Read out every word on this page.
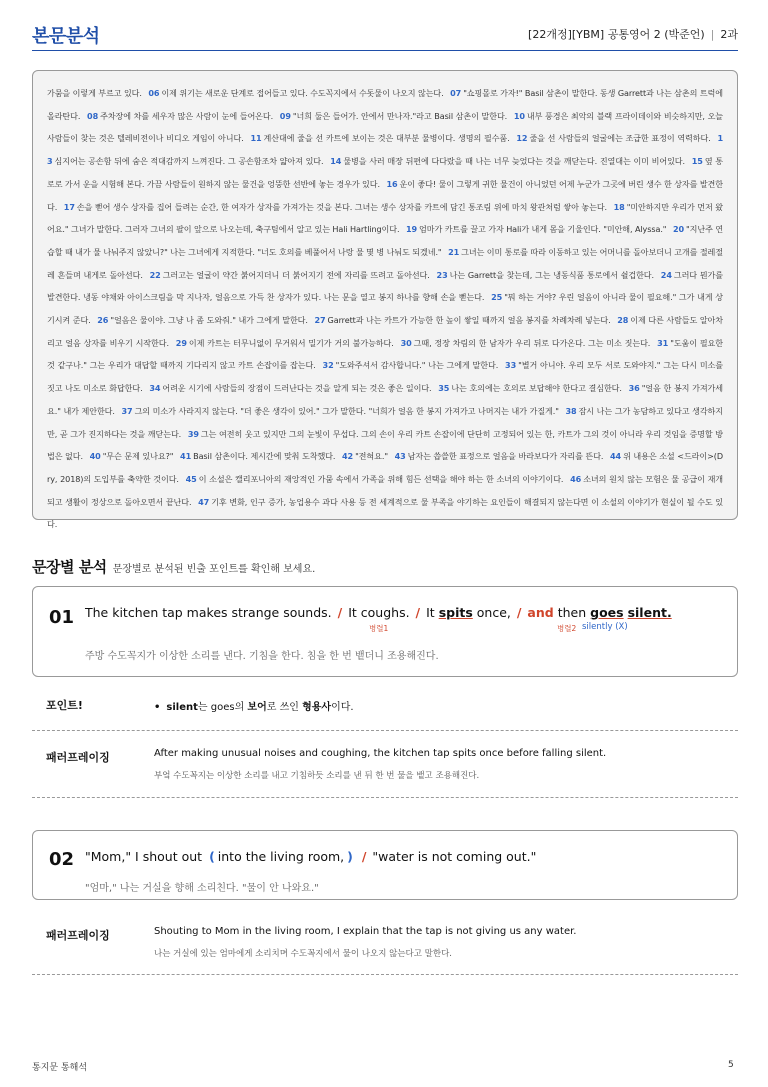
본문분석	[22개정][YBM] 공통영어 2 (박준언) | 2과

가뭄을 이렇게 부르고 있다. 06 이제 위기는 새로운 단계로 접어들고 있다. 수도꼭지에서 수돗물이 나오지 않는다. 07 "쇼핑몰로 가자!" Basil 삼촌이 말한다. 동생 Garrett과 나는 삼촌의 트럭에 올라탄다. 08 주차장에 차를 세우자 많은 사람이 눈에 들어온다. 09 "너희 둘은 들어가. 안에서 만나자."라고 Basil 삼촌이 말한다. 10 내부 풍경은 최악의 블랙 프라이데이와 비슷하지만, 오늘 사람들이 찾는 것은 텔레비전이나 비디오 게임이 아니다. 11 계산대에 줄을 선 카트에 보이는 것은 대부분 물병이다. 생명의 필수품. 12 줄을 선 사람들의 얼굴에는 조급한 표정이 역력하다. 13 심지어는 공손함 뒤에 숨은 적대감까지 느껴진다. 그 공손함조차 얇아져 있다. 14 물병을 사러 매장 뒤편에 다다랐을 때 나는 너무 늦었다는 것을 깨닫는다. 진열대는 이미 비어있다. 15 옆 통로로 가서 운을 시험해 본다. 가끔 사람들이 원하지 않는 물건을 엉뚱한 선반에 놓는 경우가 있다. 16 운이 좋다! 물이 그렇게 귀한 물건이 아니었던 어제 누군가 그곳에 버린 생수 한 상자를 발견한다. 17 손을 뻗어 생수 상자를 집어 들려는 순간, 한 여자가 상자를 가져가는 것을 본다. 그녀는 생수 상자를 카트에 담긴 통조림 위에 마치 왕관처럼 쌓아 놓는다. 18 "미안하지만 우리가 먼저 왔어요." 그녀가 말한다. 그러자 그녀의 팔이 앞으로 나오는데, 축구팀에서 알고 있는 Hali Hartling이다. 19 엄마가 카트를 끌고 가자 Hali가 내게 몸을 기울인다. "미안해, Alyssa." 20 "지난주 연습할 때 내가 물 나눠주지 않았니?" 나는 그녀에게 지적한다. "너도 호의를 베풀어서 나랑 물 몇 병 나눠도 되겠네." 21 그녀는 이미 통로를 따라 이동하고 있는 어머니를 돌아보더니 고개를 절레절레 흔들며 내게로 돌아선다. 22 그러고는 얼굴이 약간 붉어지더니 더 붉어지기 전에 자리를 뜨려고 돌아선다. 23 나는 Garrett을 찾는데, 그는 냉동식품 통로에서 쉴겁한다. 24 그러다 뭔가를 발견한다. 냉동 야채와 아이스크림을 막 지나자, 얼음으로 가득 찬 상자가 있다. 나는 문을 열고 봉지 하나를 향해 손을 뻗는다. 25 "뭐 하는 거야? 우린 얼음이 아니라 물이 필요해." 그가 내게 상기시켜 준다. 26 "얼음은 물이야. 그냥 나 좀 도와줘." 내가 그에게 말한다. 27 Garrett과 나는 카트가 가능한 한 높이 쌓일 때까지 얼음 봉지를 차례차례 넣는다. 28 이제 다른 사람들도 알아차리고 얼음 상자를 비우기 시작한다. 29 이제 카트는 터무니없이 무거워서 밀기가 거의 불가능하다. 30 그때, 정장 차림의 한 남자가 우리 뒤로 다가온다. 그는 미소 짓는다. 31 "도움이 필요한 것 같구나." 그는 우리가 대답할 때까지 기다리지 않고 카트 손잡이를 잡는다. 32 "도와주셔서 감사합니다." 나는 그에게 말한다. 33 "별거 아니야. 우리 모두 서로 도와야지." 그는 다시 미소를 짓고 나도 미소로 화답한다. 34 어려운 시기에 사람들의 장점이 드러난다는 것을 알게 되는 것은 좋은 일이다. 35 나는 호의에는 호의로 보답해야 한다고 결심한다. 36 "얼음 한 봉지 가져가세요." 내가 제안한다. 37 그의 미소가 사라지지 않는다. "더 좋은 생각이 있어." 그가 말한다. "너희가 얼음 한 봉지 가져가고 나머지는 내가 가질게." 38 잠시 나는 그가 농담하고 있다고 생각하지만, 곧 그가 진지하다는 것을 깨닫는다. 39 그는 여전히 웃고 있지만 그의 눈빛이 무섭다. 그의 손이 우리 카트 손잡이에 단단히 고정되어 있는 한, 카트가 그의 것이 아니라 우리 것임을 증명할 방법은 없다. 40 "무슨 문제 있나요?" 41 Basil 삼촌이다. 제시간에 맞춰 도착했다. 42 "전혀요." 43 남자는 씁쓸한 표정으로 얼음을 바라보다가 자리를 뜬다. 44 위 내용은 소설 <드라이>(Dry, 2018)의 도입부를 축약한 것이다. 45 이 소설은 캘리포니아의 재앙적인 가뭄 속에서 가족을 위해 힘든 선택을 해야 하는 한 소녀의 이야기이다. 46 소녀의 원치 않는 모험은 물 공급이 재개되고 생활이 정상으로 돌아오면서 끝난다. 47 기후 변화, 인구 증가, 농업용수 과다 사용 등 전 세계적으로 물 부족을 야기하는 요인들이 해결되지 않는다면 이 소설의 이야기가 현실이 될 수도 있다.

문장별 분석 문장별로 분석된 빈출 포인트를 확인해 보세요.
01 The kitchen tap makes strange sounds. / It coughs. / It spits once, / and then goes silent.
병렬1	병렬2 silently (X)
주방 수도꼭지가 이상한 소리를 낸다. 기침을 한다. 침을 한 번 뱉더니 조용해진다.
포인트!	• silent는 goes의 보어로 쓰인 형용사이다.
패러프레이징	After making unusual noises and coughing, the kitchen tap spits once before falling silent.
부엌 수도꼭지는 이상한 소리를 내고 기침하듯 소리를 낸 뒤 한 번 물을 뱉고 조용해진다.
02 "Mom," I shout out ( into the living room, ) / "water is not coming out."
"엄마," 나는 거실을 향해 소리친다. "물이 안 나와요."
패러프레이징	Shouting to Mom in the living room, I explain that the tap is not giving us any water.
나는 거실에 있는 엄마에게 소리치며 수도꼭지에서 물이 나오지 않는다고 말한다.
통지문 통해석	5
